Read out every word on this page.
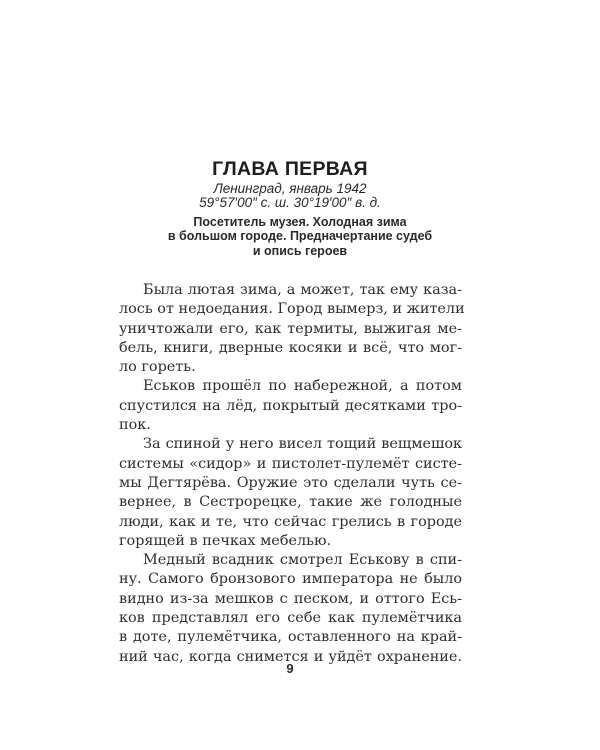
ГЛАВА ПЕРВАЯ
Ленинград, январь 1942
59°57′00″ с. ш. 30°19′00″ в. д.
Посетитель музея. Холодная зима
в большом городе. Предначертание судеб
и опись героев
Была лютая зима, а может, так ему каза-
лось от недоедания. Город вымерз, и жители
уничтожали его, как термиты, выжигая ме-
бель, книги, дверные косяки и всё, что мог-
ло гореть.
Еськов прошёл по набережной, а потом
спустился на лёд, покрытый десятками тро-
пок.
За спиной у него висел тощий вещмешок
системы «сидор» и пистолет-пулемёт систе-
мы Дегтярёва. Оружие это сделали чуть се-
вернее, в Сестрорецке, такие же голодные
люди, как и те, что сейчас грелись в городе
горящей в печках мебелью.
Медный всадник смотрел Еськову в спи-
ну. Самого бронзового императора не было
видно из-за мешков с песком, и оттого Есь-
ков представлял его себе как пулемётчика
в доте, пулемётчика, оставленного на край-
ний час, когда снимется и уйдёт охранение.
9
